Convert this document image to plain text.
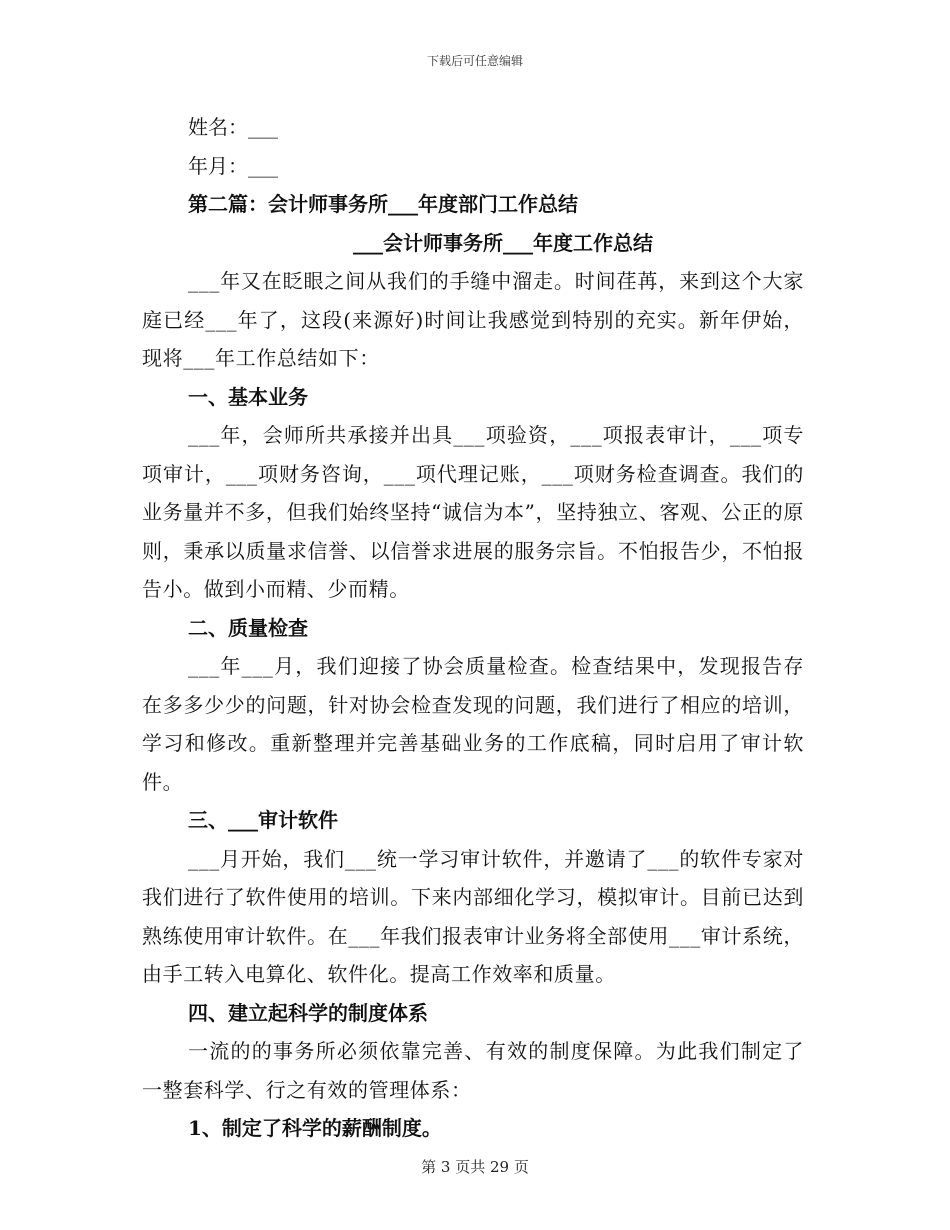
下载后可任意编辑
姓名：___
年月：___
第二篇：会计师事务所___年度部门工作总结
___会计师事务所___年度工作总结

___年又在眨眼之间从我们的手缝中溜走。时间荏苒，来到这个大家庭已经___年了，这段(来源好)时间让我感觉到特别的充实。新年伊始，现将___年工作总结如下：

一、基本业务

___年，会师所共承接并出具___项验资，___项报表审计，___项专项审计，___项财务咨询，___项代理记账，___项财务检查调查。我们的业务量并不多，但我们始终坚持“诚信为本”，坚持独立、客观、公正的原则，秉承以质量求信誉、以信誉求进展的服务宗旨。不怕报告少，不怕报告小。做到小而精、少而精。

二、质量检查

___年___月，我们迎接了协会质量检查。检查结果中，发现报告存在多多少少的问题，针对协会检查发现的问题，我们进行了相应的培训，学习和修改。重新整理并完善基础业务的工作底稿，同时启用了审计软件。

三、___审计软件

___月开始，我们___统一学习审计软件，并邀请了___的软件专家对我们进行了软件使用的培训。下来内部细化学习，模拟审计。目前已达到熟练使用审计软件。在___年我们报表审计业务将全部使用___审计系统，由手工转入电算化、软件化。提高工作效率和质量。

四、建立起科学的制度体系

一流的的事务所必须依靠完善、有效的制度保障。为此我们制定了一整套科学、行之有效的管理体系：

1、制定了科学的薪酬制度。
第 3 页共 29 页
